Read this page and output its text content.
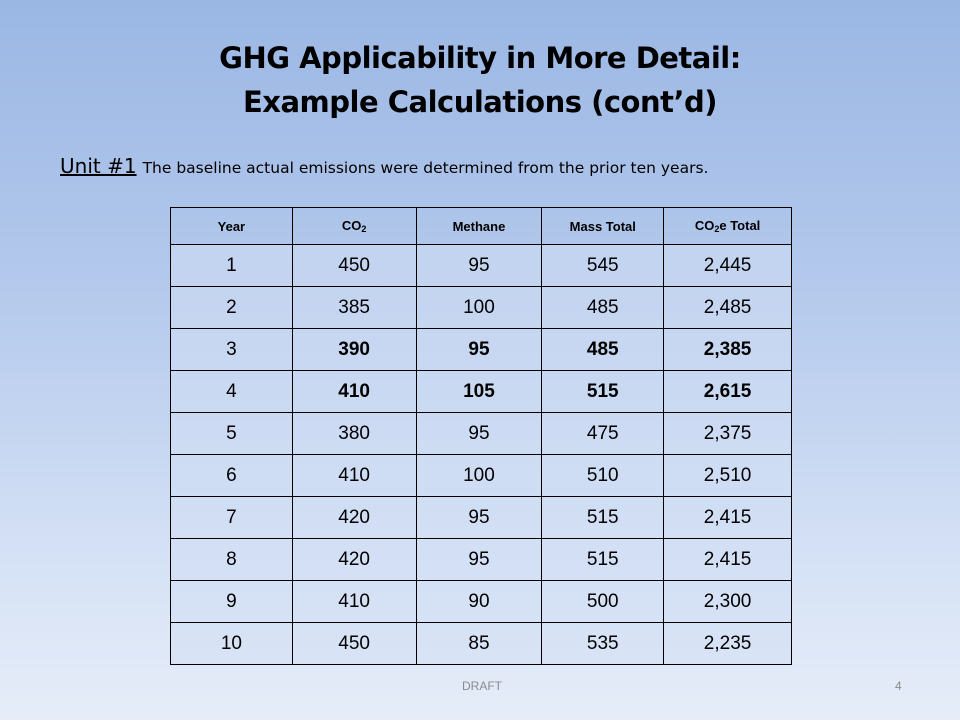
GHG Applicability in More Detail:
Example Calculations (cont’d)
Unit #1 The baseline actual emissions were determined from the prior ten years.
Year	$CO_2$	Methane	Mass Total	$CO_2e$ Total
1	450	95	545	2,445
2	385	100	485	2,485
3	390	95	485	2,385
4	410	105	515	2,615
5	380	95	475	2,375
6	410	100	510	2,510
7	420	95	515	2,415
8	420	95	515	2,415
9	410	90	500	2,300
10	450	85	535	2,235
DRAFT	4
